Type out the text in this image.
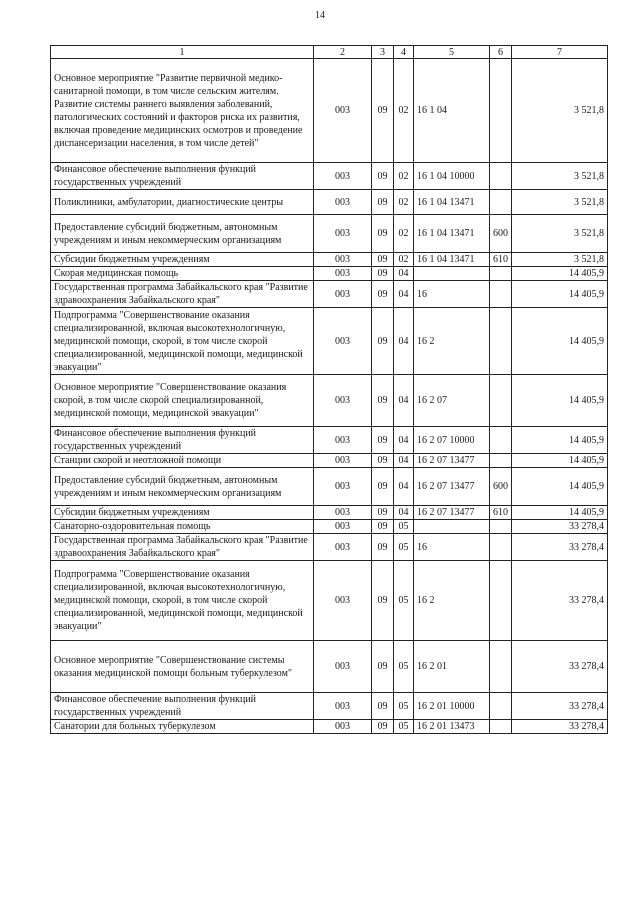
14
1	2	3	4	5	6	7
Основное мероприятие "Развитие первичной медико-санитарной помощи, в том числе сельским жителям. Развитие системы раннего выявления заболеваний, патологических состояний и факторов риска их развития, включая проведение медицинских осмотров и проведение диспансеризации населения, в том числе детей"	003	09	02	16 1 04		3 521,8
Финансовое обеспечение выполнения функций государственных учреждений	003	09	02	16 1 04 10000		3 521,8
Поликлиники, амбулатории, диагностические центры	003	09	02	16 1 04 13471		3 521,8
Предоставление субсидий бюджетным, автономным учреждениям и иным некоммерческим организациям	003	09	02	16 1 04 13471	600	3 521,8
Субсидии бюджетным учреждениям	003	09	02	16 1 04 13471	610	3 521,8
Скорая медицинская помощь	003	09	04			14 405,9
Государственная программа Забайкальского края "Развитие здравоохранения Забайкальского края"	003	09	04	16		14 405,9
Подпрограмма "Совершенствование оказания специализированной, включая высокотехнологичную, медицинской помощи, скорой, в том числе скорой специализированной, медицинской помощи, медицинской эвакуации"	003	09	04	16 2		14 405,9
Основное мероприятие "Совершенствование оказания скорой, в том числе скорой специализированной, медицинской помощи, медицинской эвакуации"	003	09	04	16 2 07		14 405,9
Финансовое обеспечение выполнения функций государственных учреждений	003	09	04	16 2 07 10000		14 405,9
Станции скорой и неотложной помощи	003	09	04	16 2 07 13477		14 405,9
Предоставление субсидий бюджетным, автономным учреждениям и иным некоммерческим организациям	003	09	04	16 2 07 13477	600	14 405,9
Субсидии бюджетным учреждениям	003	09	04	16 2 07 13477	610	14 405,9
Санаторно-оздоровительная помощь	003	09	05			33 278,4
Государственная программа Забайкальского края "Развитие здравоохранения Забайкальского края"	003	09	05	16		33 278,4
Подпрограмма "Совершенствование оказания специализированной, включая высокотехнологичную, медицинской помощи, скорой, в том числе скорой специализированной, медицинской помощи, медицинской эвакуации"	003	09	05	16 2		33 278,4
Основное мероприятие "Совершенствование системы оказания медицинской помощи больным туберкулезом"	003	09	05	16 2 01		33 278,4
Финансовое обеспечение выполнения функций государственных учреждений	003	09	05	16 2 01 10000		33 278,4
Санатории для больных туберкулезом	003	09	05	16 2 01 13473		33 278,4
